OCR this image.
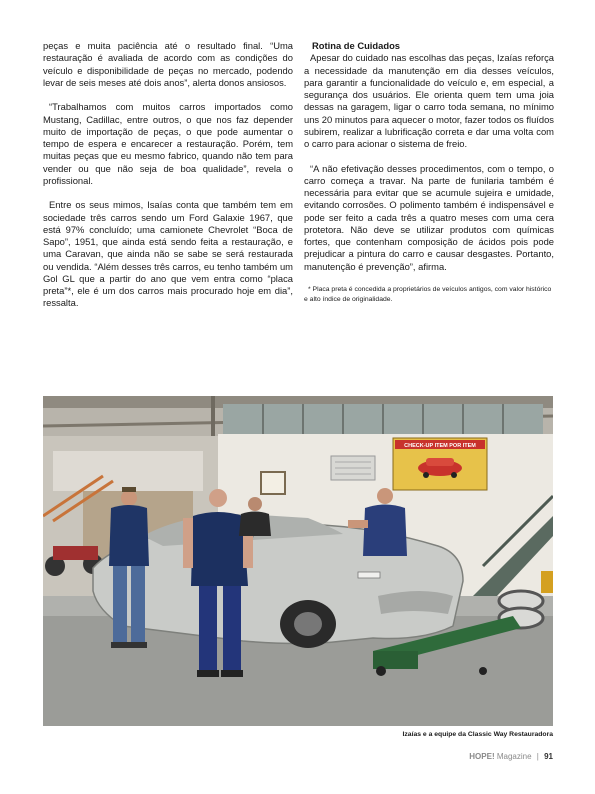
peças e muita paciência até o resultado final. “Uma restauração é avaliada de acordo com as condições do veículo e disponibilidade de peças no mercado, podendo levar de seis meses até dois anos”, alerta donos ansiosos.

“Trabalhamos com muitos carros importados como Mustang, Cadillac, entre outros, o que nos faz depender muito de importação de peças, o que pode aumentar o tempo de espera e encarecer a restauração. Porém, tem muitas peças que eu mesmo fabrico, quando não tem para vender ou que não seja de boa qualidade”, revela o profissional.

Entre os seus mimos, Isaías conta que também tem em sociedade três carros sendo um Ford Galaxie 1967, que está 97% concluído; uma camionete Chevrolet “Boca de Sapo”, 1951, que ainda está sendo feita a restauração, e uma Caravan, que ainda não se sabe se será restaurada ou vendida. “Além desses três carros, eu tenho também um Gol GL que a partir do ano que vem entra como “placa preta”*, ele é um dos carros mais procurado hoje em dia”, ressalta.

Rotina de Cuidados

Apesar do cuidado nas escolhas das peças, Izaías reforça a necessidade da manutenção em dia desses veículos, para garantir a funcionalidade do veículo e, em especial, a segurança dos usuários. Ele orienta quem tem uma joia dessas na garagem, ligar o carro toda semana, no mínimo uns 20 minutos para aquecer o motor, fazer todos os fluídos subirem, realizar a lubrificação correta e dar uma volta com o carro para acionar o sistema de freio.

“A não efetivação desses procedimentos, com o tempo, o carro começa a travar. Na parte de funilaria também é necessária para evitar que se acumule sujeira e umidade, evitando corrosões. O polimento também é indispensável e pode ser feito a cada três a quatro meses com uma cera protetora. Não deve se utilizar produtos com químicas fortes, que contenham composição de ácidos pois pode prejudicar a pintura do carro e causar desgastes. Portanto, manutenção é prevenção”, afirma.

* Placa preta é concedida a proprietários de veículos antigos, com valor histórico e alto índice de originalidade.
CHECK-UP ITEM POR ITEM
Izaías e a equipe da Classic Way Restauradora
HOPE! Magazine | 91
